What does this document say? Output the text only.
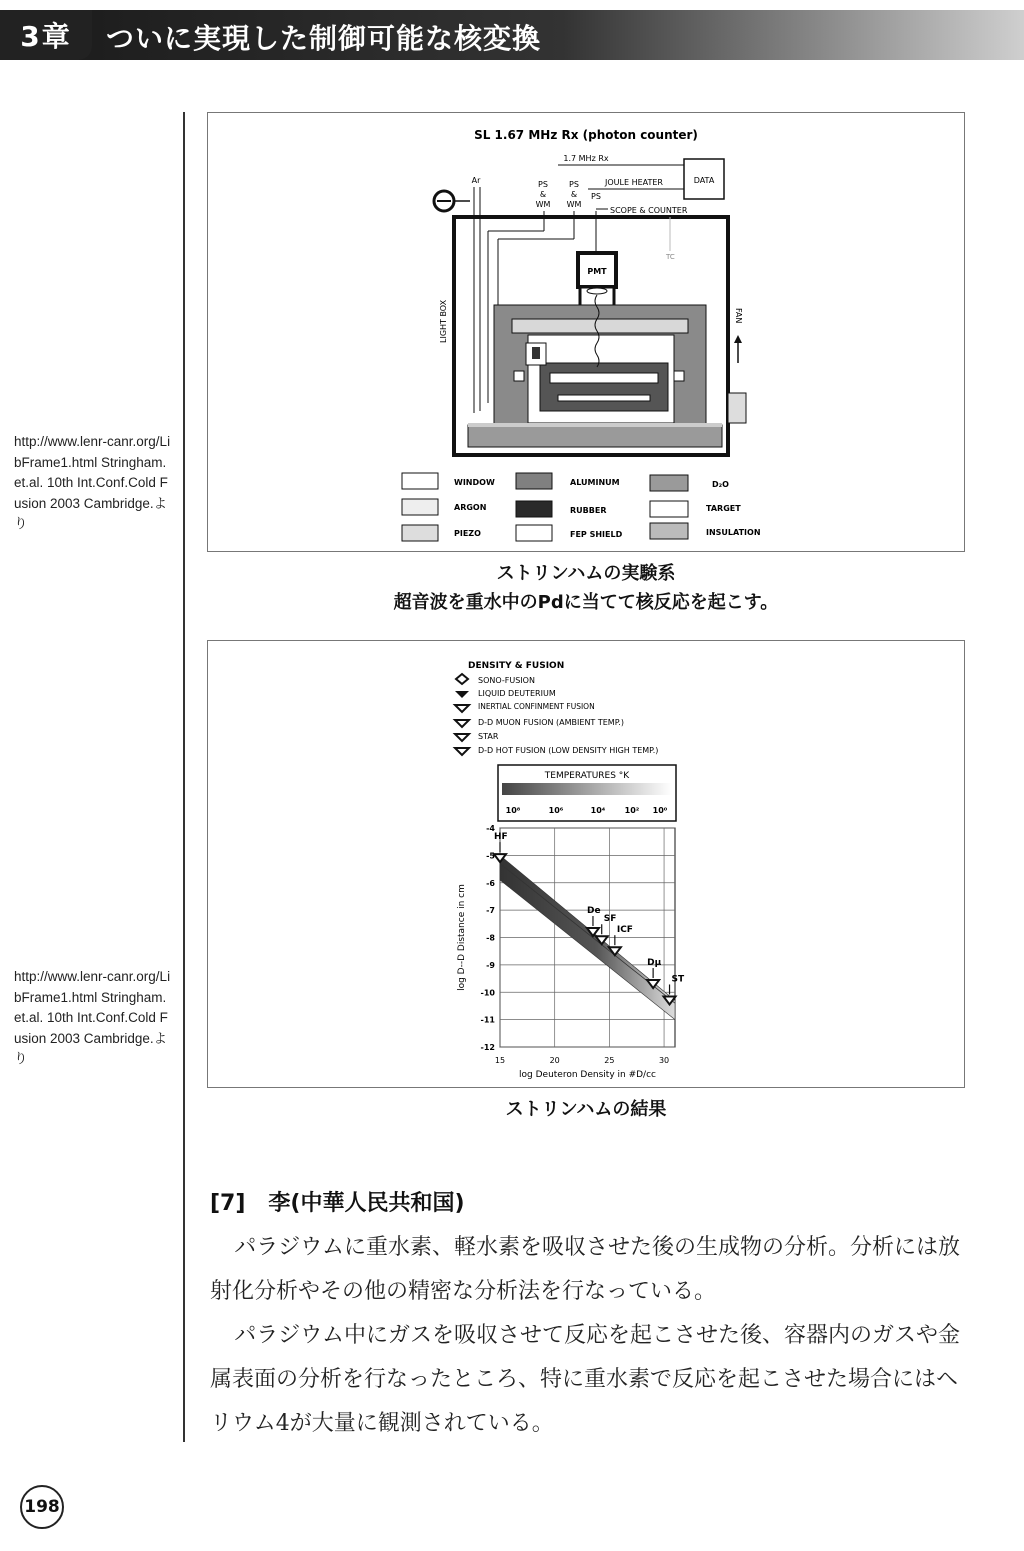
3章	ついに実現した制御可能な核変換
http://www.lenr-canr.org/LibFrame1.html Stringham. et.al. 10th Int.Conf.Cold Fusion 2003 Cambridge.より
http://www.lenr-canr.org/LibFrame1.html Stringham. et.al. 10th Int.Conf.Cold Fusion 2003 Cambridge.より
SL 1.67 MHz Rx (photon counter)
1.7 MHz Rx
DATA
JOULE HEATER
PS
&
WM
PS
&
WM
PS
SCOPE & COUNTER
Ar
LIGHT BOX	FAN
TC
PMT
WINDOW	ALUMINUM	D₂O
ARGON	RUBBER	TARGET
PIEZO	FEP SHIELD	INSULATION
ストリンハムの実験系
超音波を重水中のPdに当てて核反応を起こす。
DENSITY & FUSION
SONO-FUSION
LIQUID DEUTERIUM
INERTIAL CONFINMENT FUSION
D-D MUON FUSION (AMBIENT TEMP.)
STAR
D-D HOT FUSION (LOW DENSITY HIGH TEMP.)
TEMPERATURES °K
10⁸	10⁶	10⁴ 10² 10⁰
15	20	25	30
-4
-5
-6
-7
-8
-9
-10
-11
-12
HF
De
SF
ICF
Dμ
ST
log Deuteron Density in #D/cc
log D--D Distance in cm
ストリンハムの結果
[7] 李(中華人民共和国)

パラジウムに重水素、軽水素を吸収させた後の生成物の分析。分析には放射化分析やその他の精密な分析法を行なっている。

パラジウム中にガスを吸収させて反応を起こさせた後、容器内のガスや金属表面の分析を行なったところ、特に重水素で反応を起こさせた場合にはヘリウム4が大量に観測されている。

198
